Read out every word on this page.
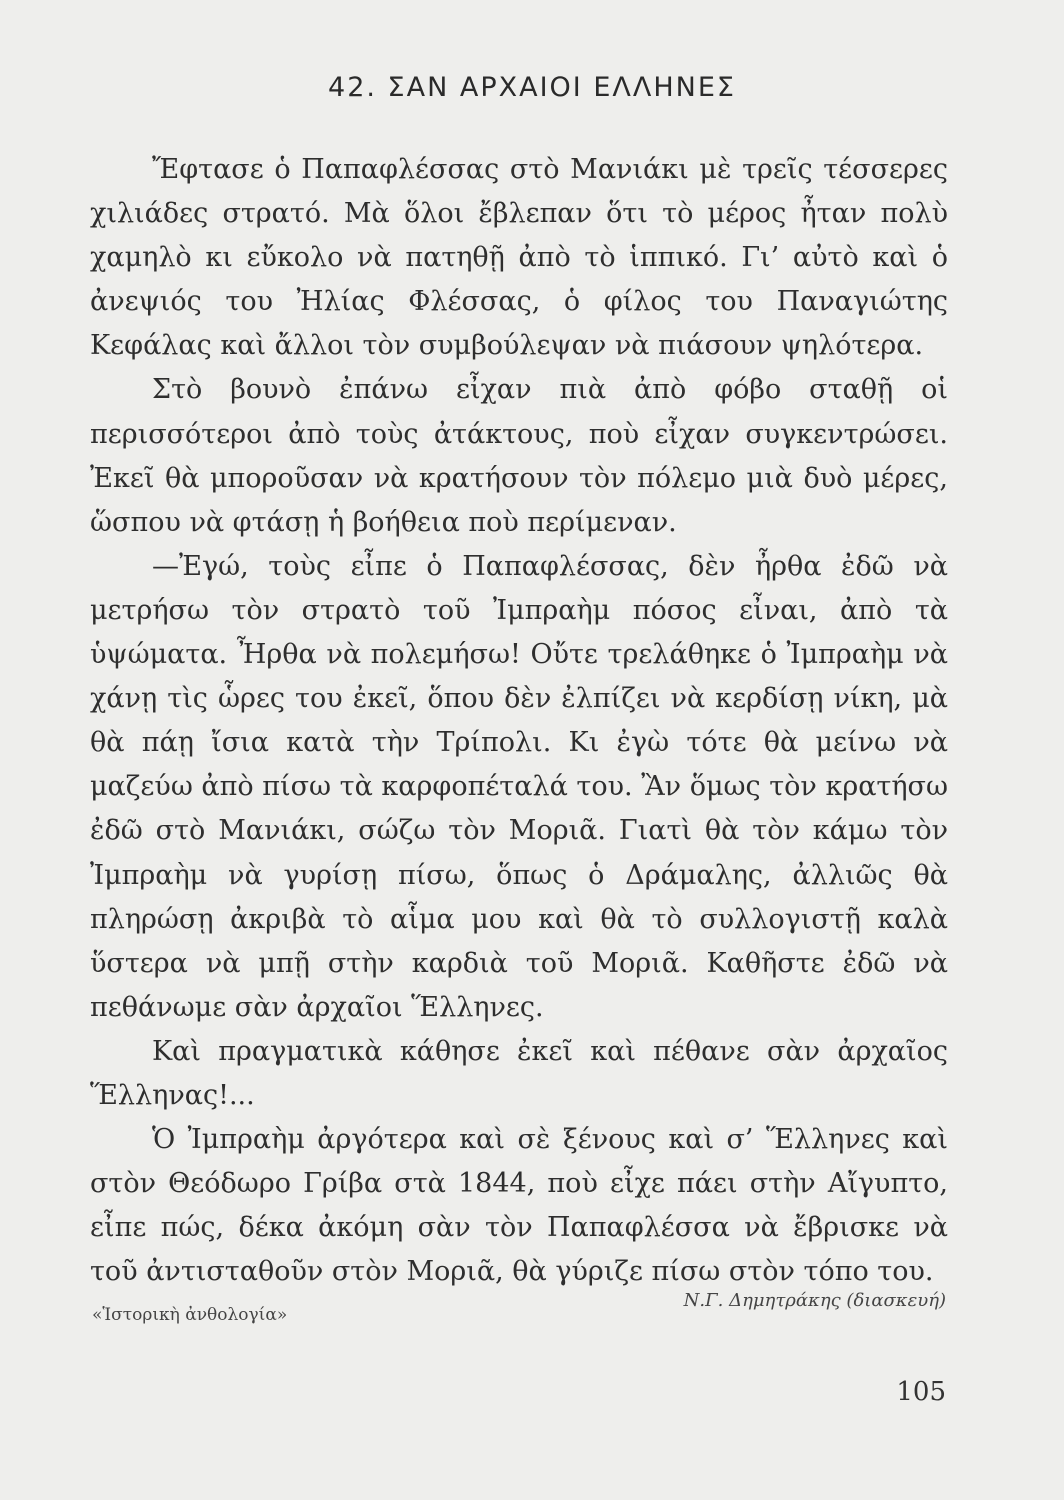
42. ΣΑΝ ΑΡΧΑΙΟΙ ΕΛΛΗΝΕΣ

Ἔφτασε ὁ Παπαφλέσσας στὸ Μανιάκι μὲ τρεῖς τέσσερες χιλιάδες στρατό. Μὰ ὅλοι ἔβλεπαν ὅτι τὸ μέρος ἦταν πολὺ χαμηλὸ κι εὔκολο νὰ πατηθῇ ἀπὸ τὸ ἱππικό. Γι’ αὐτὸ καὶ ὁ ἀνεψιός του Ἠλίας Φλέσσας, ὁ φίλος του Παναγιώτης Κεφάλας καὶ ἄλλοι τὸν συμβούλεψαν νὰ πιάσουν ψηλότερα.

Στὸ βουνὸ ἐπάνω εἶχαν πιὰ ἀπὸ φόβο σταθῇ οἱ περισσότεροι ἀπὸ τοὺς ἀτάκτους, ποὺ εἶχαν συγκεντρώσει. Ἐκεῖ θὰ μποροῦσαν νὰ κρατήσουν τὸν πόλεμο μιὰ δυὸ μέρες, ὥσπου νὰ φτάσῃ ἡ βοήθεια ποὺ περίμεναν.

—Ἐγώ, τοὺς εἶπε ὁ Παπαφλέσσας, δὲν ἦρθα ἐδῶ νὰ μετρήσω τὸν στρατὸ τοῦ Ἰμπραὴμ πόσος εἶναι, ἀπὸ τὰ ὑψώματα. Ἦρθα νὰ πολεμήσω! Οὔτε τρελάθηκε ὁ Ἰμπραὴμ νὰ χάνῃ τὶς ὧρες του ἐκεῖ, ὅπου δὲν ἐλπίζει νὰ κερδίσῃ νίκη, μὰ θὰ πάῃ ἴσια κατὰ τὴν Τρίπολι. Κι ἐγὼ τότε θὰ μείνω νὰ μαζεύω ἀπὸ πίσω τὰ καρφοπέταλά του. Ἂν ὅμως τὸν κρατήσω ἐδῶ στὸ Μανιάκι, σώζω τὸν Μοριᾶ. Γιατὶ θὰ τὸν κάμω τὸν Ἰμπραὴμ νὰ γυρίσῃ πίσω, ὅπως ὁ Δράμαλης, ἀλλιῶς θὰ πληρώσῃ ἀκριβὰ τὸ αἷμα μου καὶ θὰ τὸ συλλογιστῇ καλὰ ὕστερα νὰ μπῇ στὴν καρδιὰ τοῦ Μοριᾶ. Καθῆστε ἐδῶ νὰ πεθάνωμε σὰν ἀρχαῖοι Ἕλληνες.

Καὶ πραγματικὰ κάθησε ἐκεῖ καὶ πέθανε σὰν ἀρχαῖος Ἕλληνας!...

Ὁ Ἰμπραὴμ ἀργότερα καὶ σὲ ξένους καὶ σ’ Ἕλληνες καὶ στὸν Θεόδωρο Γρίβα στὰ 1844, ποὺ εἶχε πάει στὴν Αἴγυπτο, εἶπε πώς, δέκα ἀκόμη σὰν τὸν Παπαφλέσσα νὰ ἔβρισκε νὰ τοῦ ἀντισταθοῦν στὸν Μοριᾶ, θὰ γύριζε πίσω στὸν τόπο του.

«Ἱστορικὴ ἀνθολογία»
Ν.Γ. Δημητράκης (διασκευή)
105
